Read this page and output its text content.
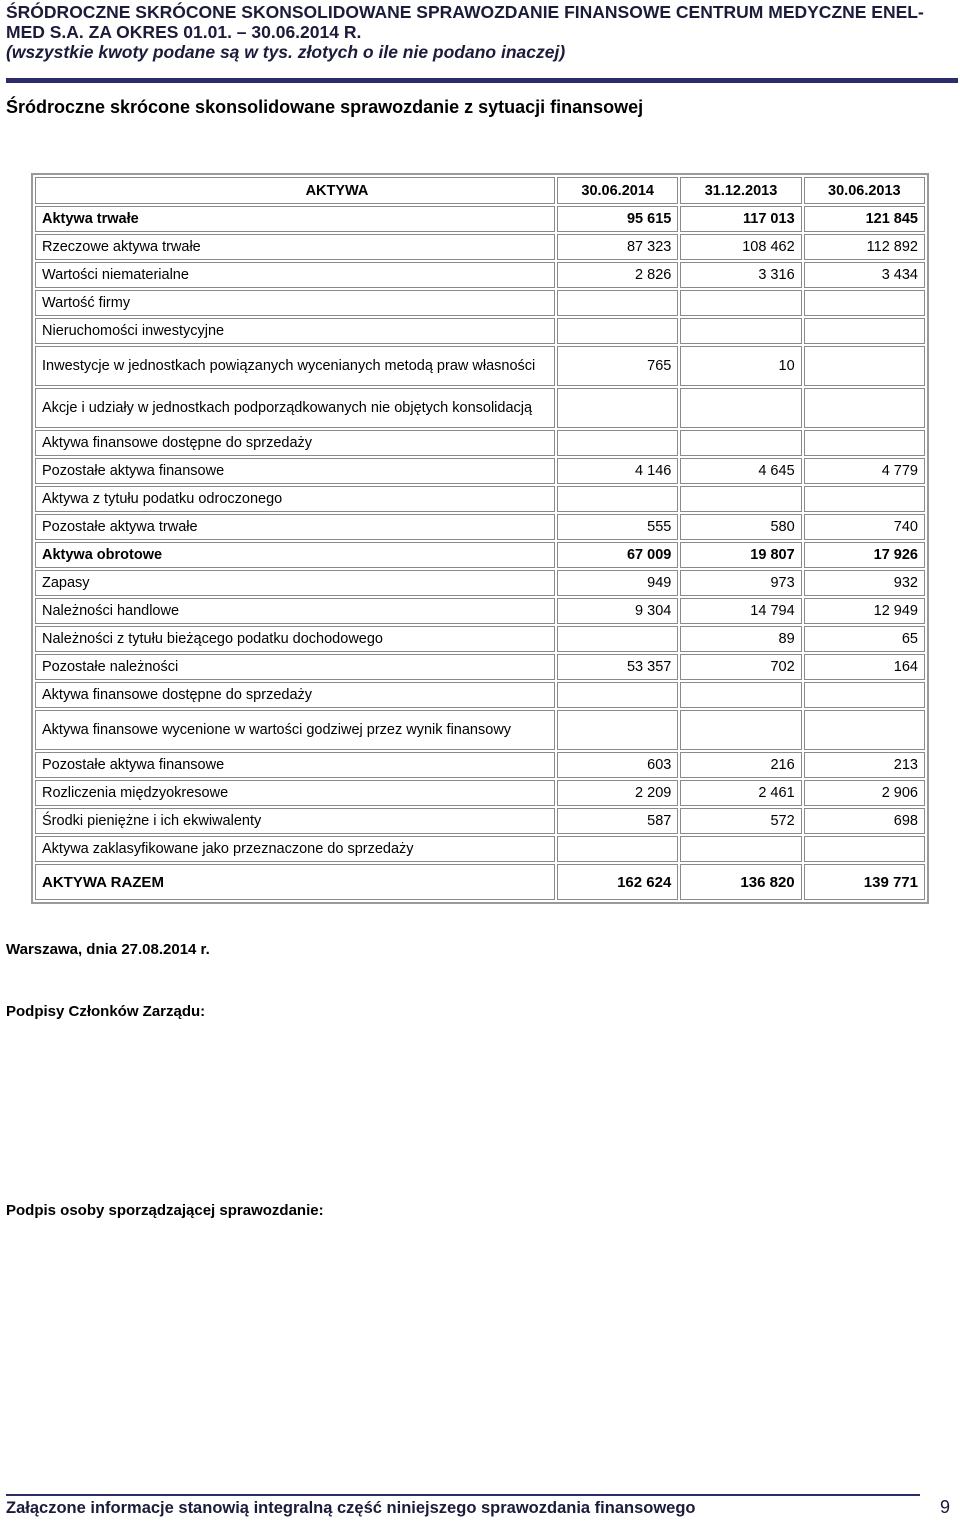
ŚRÓDROCZNE SKRÓCONE SKONSOLIDOWANE SPRAWOZDANIE FINANSOWE CENTRUM MEDYCZNE ENEL-
MED S.A. ZA OKRES 01.01. – 30.06.2014 R.
(wszystkie kwoty podane są w tys. złotych o ile nie podano inaczej)
Śródroczne skrócone skonsolidowane sprawozdanie z sytuacji finansowej
AKTYWA	30.06.2014	31.12.2013	30.06.2013
Aktywa trwałe	95 615	117 013	121 845
Rzeczowe aktywa trwałe	87 323	108 462	112 892
Wartości niematerialne	2 826	3 316	3 434
Wartość firmy			
Nieruchomości inwestycyjne			
Inwestycje w jednostkach powiązanych wycenianych metodą praw własności	765	10	
Akcje i udziały w jednostkach podporządkowanych nie objętych konsolidacją			
Aktywa finansowe dostępne do sprzedaży			
Pozostałe aktywa finansowe	4 146	4 645	4 779
Aktywa z tytułu podatku odroczonego			
Pozostałe aktywa trwałe	555	580	740
Aktywa obrotowe	67 009	19 807	17 926
Zapasy	949	973	932
Należności handlowe	9 304	14 794	12 949
Należności z tytułu bieżącego podatku dochodowego		89	65
Pozostałe należności	53 357	702	164
Aktywa finansowe dostępne do sprzedaży			
Aktywa finansowe wycenione w wartości godziwej przez wynik finansowy			
Pozostałe aktywa finansowe	603	216	213
Rozliczenia międzyokresowe	2 209	2 461	2 906
Środki pieniężne i ich ekwiwalenty	587	572	698
Aktywa zaklasyfikowane jako przeznaczone do sprzedaży			
AKTYWA RAZEM	162 624	136 820	139 771
Warszawa, dnia 27.08.2014 r.
Podpisy Członków Zarządu:
Podpis osoby sporządzającej sprawozdanie:
Załączone informacje stanowią integralną część niniejszego sprawozdania finansowego	9
